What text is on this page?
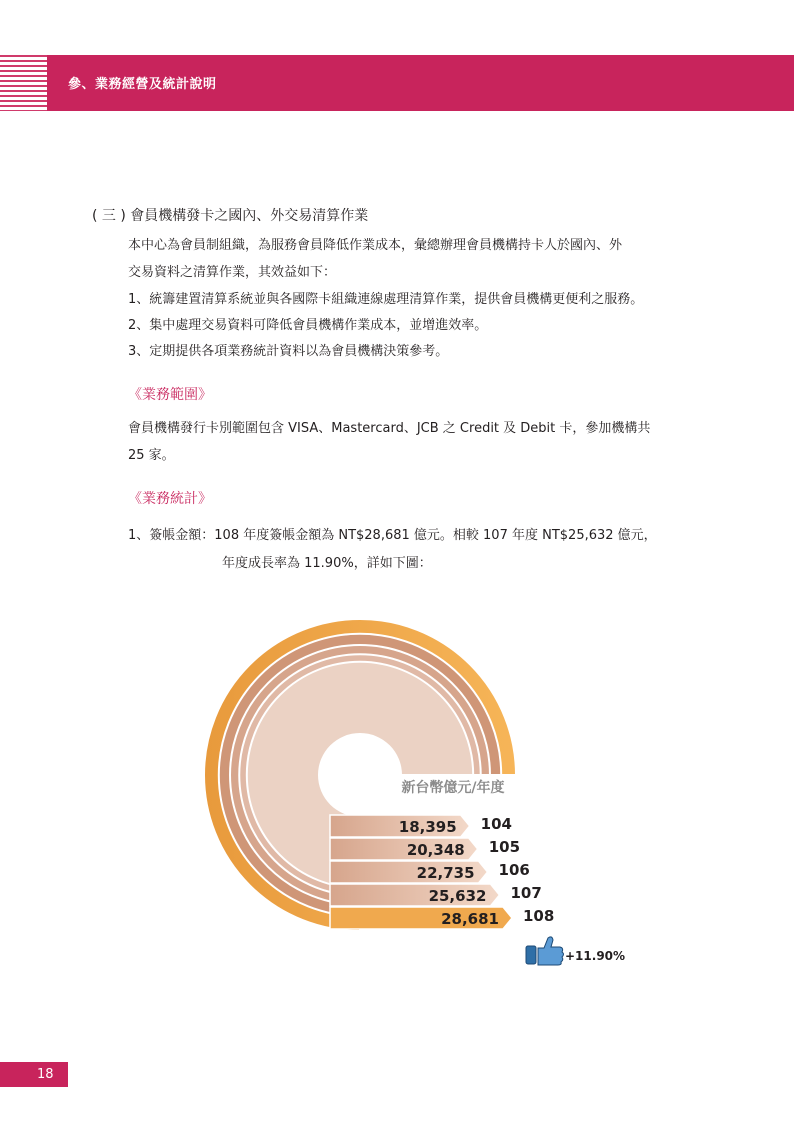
參、業務經營及統計說明
( 三 ) 會員機構發卡之國內、外交易清算作業
本中心為會員制組織，為服務會員降低作業成本，彙總辦理會員機構持卡人於國內、外
交易資料之清算作業，其效益如下：
1、統籌建置清算系統並與各國際卡組織連線處理清算作業，提供會員機構更便利之服務。
2、集中處理交易資料可降低會員機構作業成本，並增進效率。
3、定期提供各項業務統計資料以為會員機構決策參考。
《業務範圍》
會員機構發行卡別範圍包含 VISA、Mastercard、JCB 之 Credit 及 Debit 卡，參加機構共
25 家。
《業務統計》
1、簽帳金額：108 年度簽帳金額為 NT$28,681 億元。相較 107 年度 NT$25,632 億元，
年度成長率為 11.90%，詳如下圖：
新台幣億元/年度
18,395 104
20,348 105
22,735 106
25,632 107
28,681 108
+11.90%
18
